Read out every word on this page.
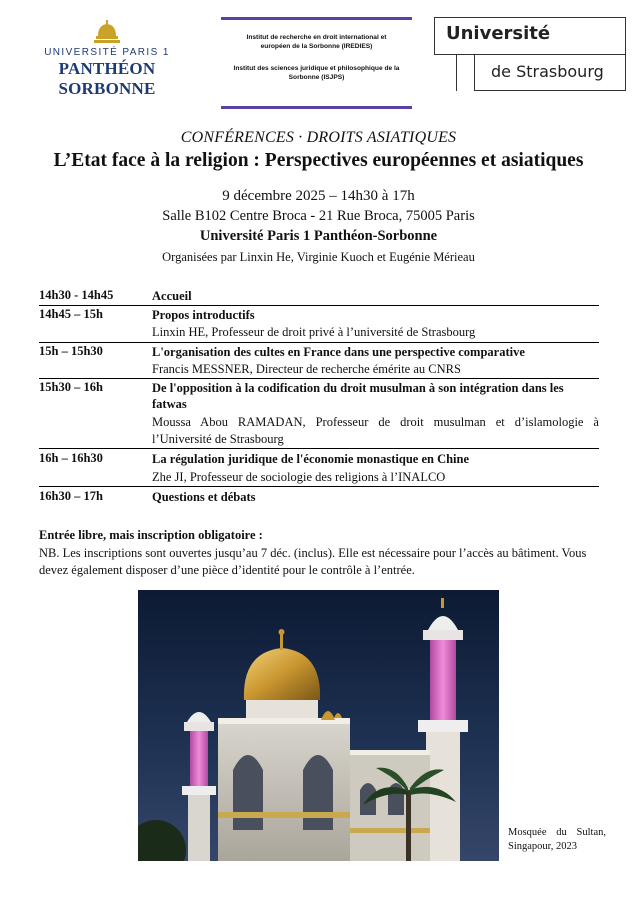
UNIVERSITÉ PARIS 1
PANTHÉON SORBONNE
Institut de recherche en droit international et européen de la Sorbonne (IREDIES)
Institut des sciences juridique et philosophique de la Sorbonne (ISJPS)
Université
de Strasbourg
CONFÉRENCES · DROITS ASIATIQUES
L’Etat face à la religion : Perspectives européennes et asiatiques
9 décembre 2025 – 14h30 à 17h
Salle B102 Centre Broca - 21 Rue Broca, 75005 Paris
Université Paris 1 Panthéon-Sorbonne
Organisées par Linxin He, Virginie Kuoch et Eugénie Mérieau
14h30 - 14h45	Accueil
14h45 – 15h	Propos introductifs
Linxin HE, Professeur de droit privé à l’université de Strasbourg
15h – 15h30	L'organisation des cultes en France dans une perspective comparative
Francis MESSNER, Directeur de recherche émérite au CNRS
15h30 – 16h	De l'opposition à la codification du droit musulman à son intégration dans les fatwas
Moussa Abou RAMADAN, Professeur de droit musulman et d’islamologie à l’Université de Strasbourg
16h – 16h30	La régulation juridique de l'économie monastique en Chine
Zhe JI, Professeur de sociologie des religions à l’INALCO
16h30 – 17h	Questions et débats
Entrée libre, mais inscription obligatoire :
NB. Les inscriptions sont ouvertes jusqu’au 7 déc. (inclus). Elle est nécessaire pour l’accès au bâtiment. Vous devez également disposer d’une pièce d’identité pour le contrôle à l’entrée.
Mosquée du Sultan,
Singapour, 2023
